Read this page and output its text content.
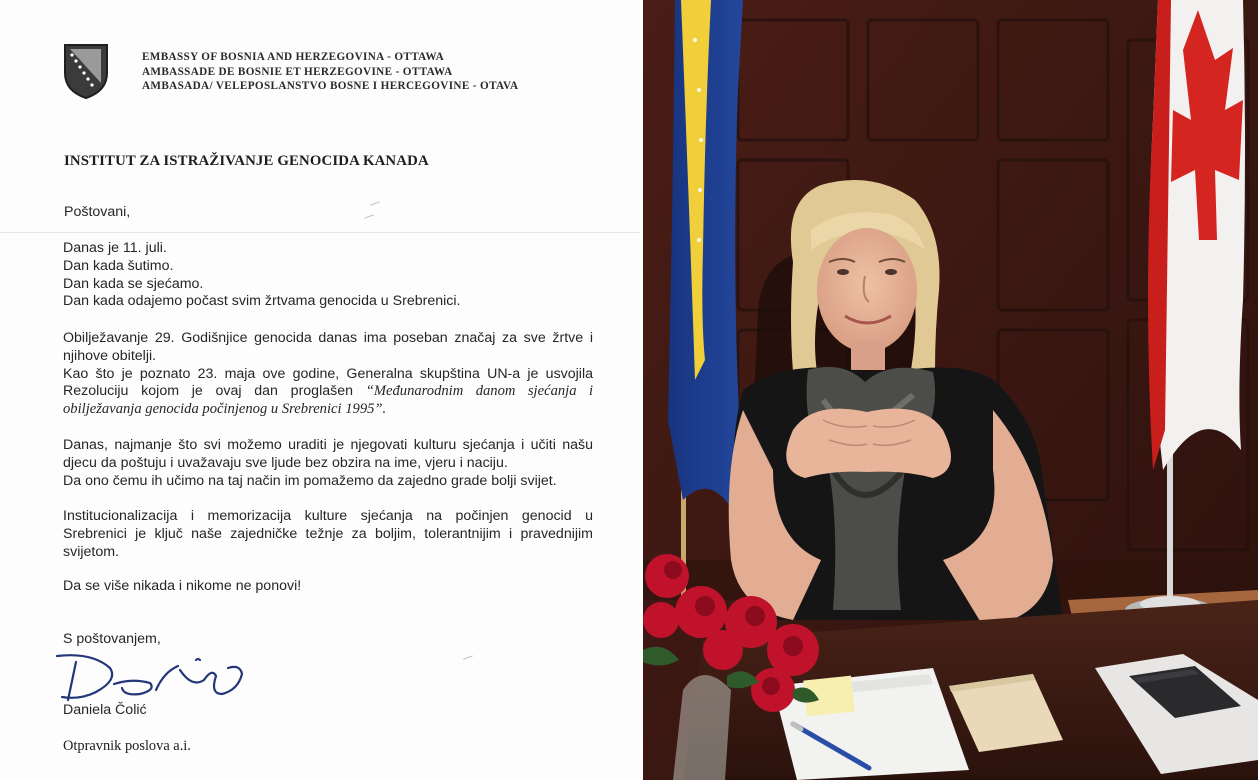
EMBASSY OF BOSNIA AND HERZEGOVINA - OTTAWA
AMBASSADE DE BOSNIE ET HERZEGOVINE - OTTAWA
AMBASADA/ VELEPOSLANSTVO BOSNE I HERCEGOVINE - OTAVA
INSTITUT ZA ISTRAŽIVANJE GENOCIDA KANADA
Poštovani,
Danas je 11. juli.
Dan kada šutimo.
Dan kada se sjećamo.
Dan kada odajemo počast svim žrtvama genocida u Srebrenici.
Obilježavanje 29. Godišnjice genocida danas ima poseban značaj za sve žrtve i
njihove obitelji.
Kao što je poznato 23. maja ove godine, Generalna skupština UN-a je usvojila
Rezoluciju kojom je ovaj dan proglašen “Međunarodnim danom sjećanja i
obilježavanja genocida počinjenog u Srebrenici 1995”.
Danas, najmanje što svi možemo uraditi je njegovati kulturu sjećanja i učiti našu
djecu da poštuju i uvažavaju sve ljude bez obzira na ime, vjeru i naciju.
Da ono čemu ih učimo na taj način im pomažemo da zajedno grade bolji svijet.
Institucionalizacija i memorizacija kulture sjećanja na počinjen genocid u
Srebrenici je ključ naše zajedničke težnje za boljim, tolerantnijim i pravednijim
svijetom.
Da se više nikada i nikome ne ponovi!
S poštovanjem,
Daniela Čolić
Otpravnik poslova a.i.
